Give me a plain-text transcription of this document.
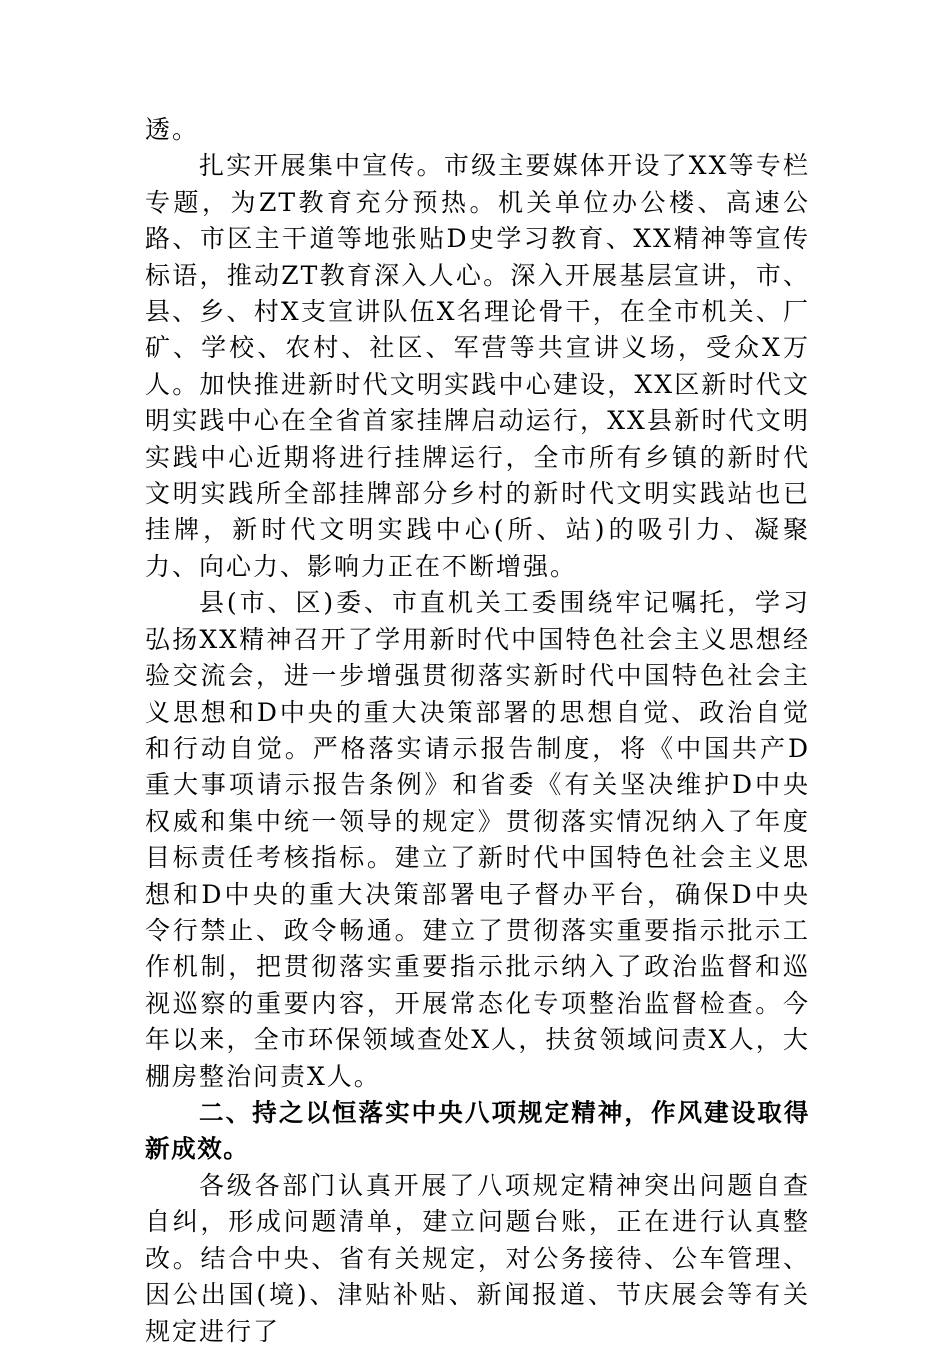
透。

扎实开展集中宣传。市级主要媒体开设了XX等专栏专题，为ZT教育充分预热。机关单位办公楼、高速公路、市区主干道等地张贴D史学习教育、XX精神等宣传标语，推动ZT教育深入人心。深入开展基层宣讲，市、县、乡、村X支宣讲队伍X名理论骨干，在全市机关、厂矿、学校、农村、社区、军营等共宣讲义场，受众X万人。加快推进新时代文明实践中心建设，XX区新时代文明实践中心在全省首家挂牌启动运行，XX县新时代文明实践中心近期将进行挂牌运行，全市所有乡镇的新时代文明实践所全部挂牌部分乡村的新时代文明实践站也已挂牌，新时代文明实践中心(所、站)的吸引力、凝聚力、向心力、影响力正在不断增强。

县(市、区)委、市直机关工委围绕牢记嘱托，学习弘扬XX精神召开了学用新时代中国特色社会主义思想经验交流会，进一步增强贯彻落实新时代中国特色社会主义思想和D中央的重大决策部署的思想自觉、政治自觉和行动自觉。严格落实请示报告制度，将《中国共产D重大事项请示报告条例》和省委《有关坚决维护D中央权威和集中统一领导的规定》贯彻落实情况纳入了年度目标责任考核指标。建立了新时代中国特色社会主义思想和D中央的重大决策部署电子督办平台，确保D中央令行禁止、政令畅通。建立了贯彻落实重要指示批示工作机制，把贯彻落实重要指示批示纳入了政治监督和巡视巡察的重要内容，开展常态化专项整治监督检查。今年以来，全市环保领域查处X人，扶贫领域问责X人，大棚房整治问责X人。

二、持之以恒落实中央八项规定精神，作风建设取得新成效。

各级各部门认真开展了八项规定精神突出问题自查自纠，形成问题清单，建立问题台账，正在进行认真整改。结合中央、省有关规定，对公务接待、公车管理、因公出国(境)、津贴补贴、新闻报道、节庆展会等有关规定进行了
